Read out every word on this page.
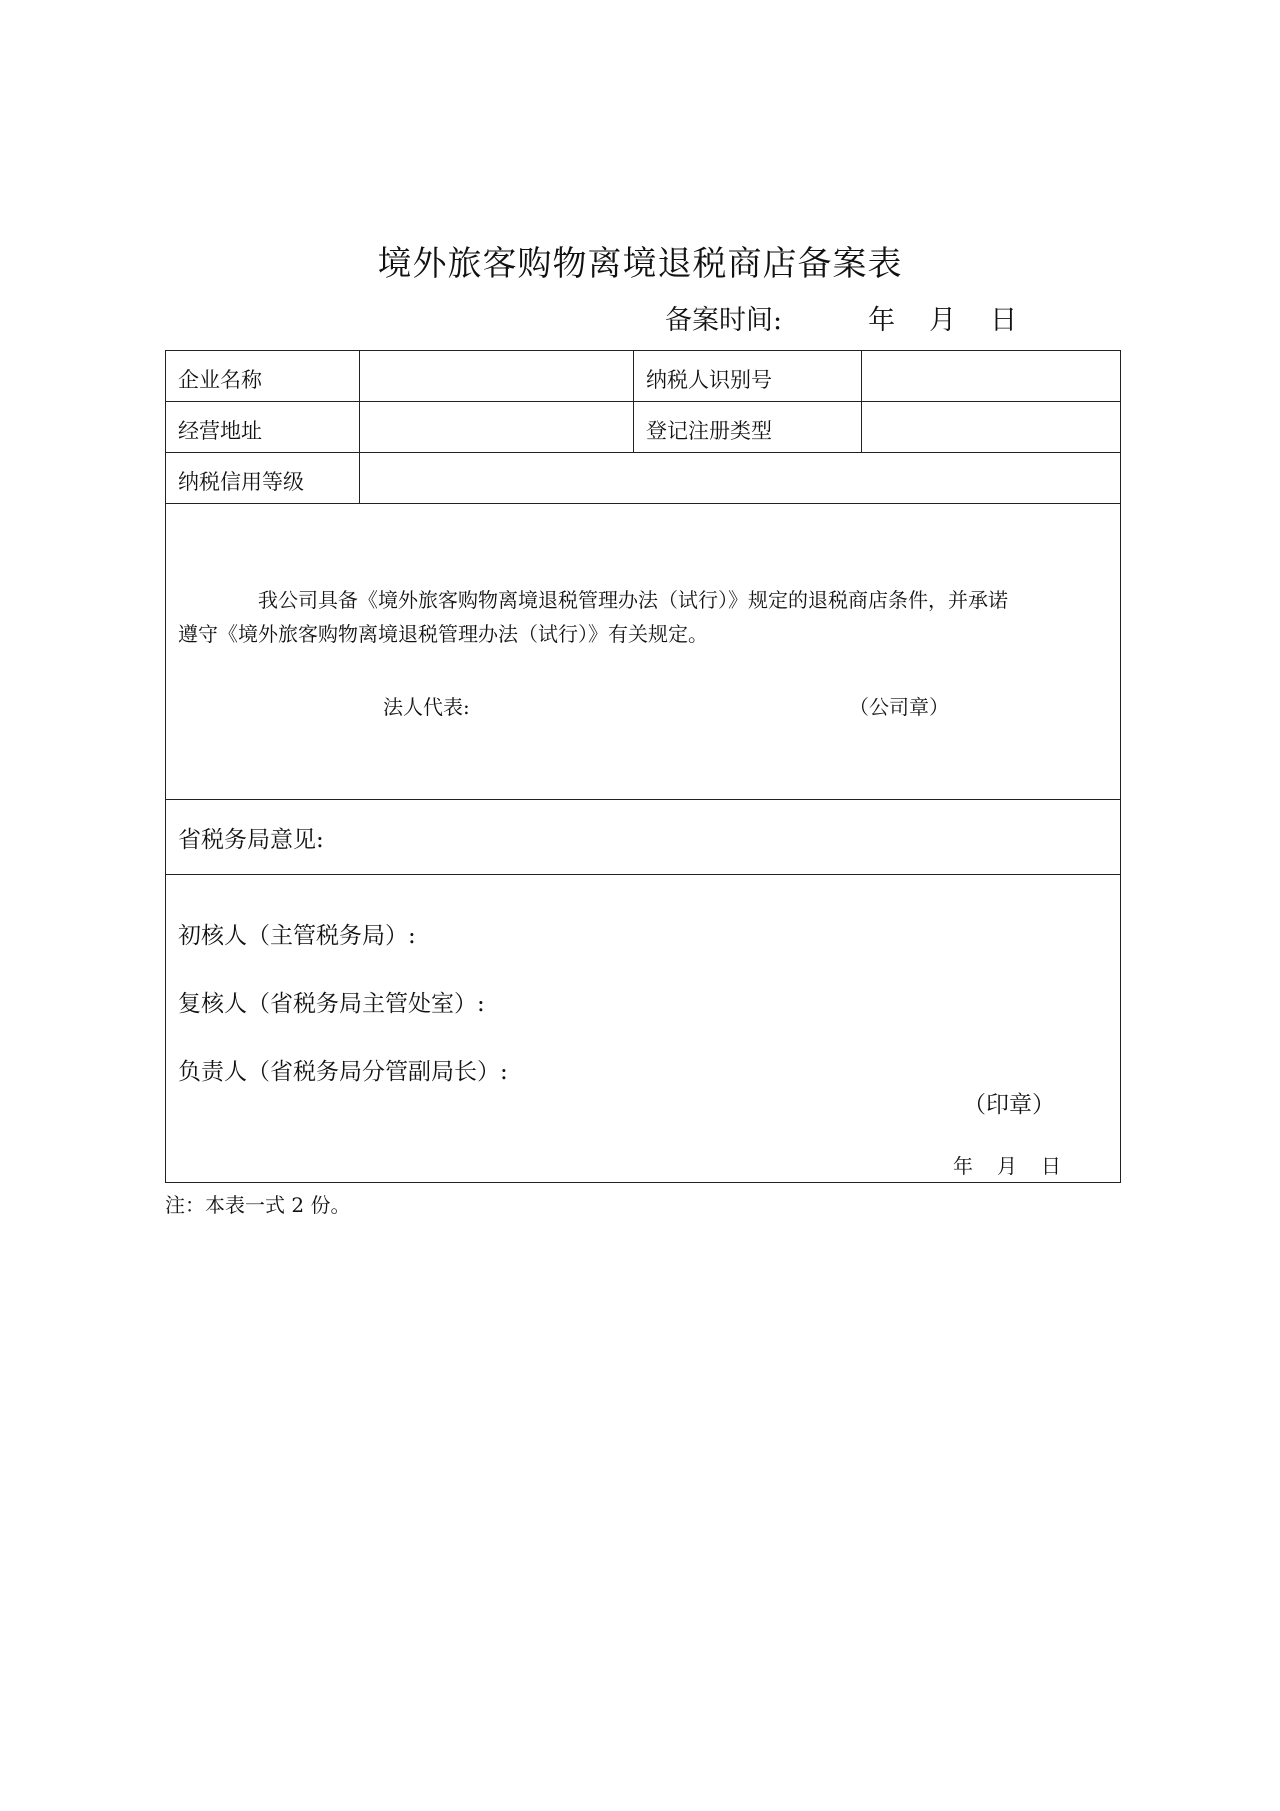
境外旅客购物离境退税商店备案表
备案时间:	年 月 日
企业名称	纳税人识别号
经营地址	登记注册类型
纳税信用等级
我公司具备《境外旅客购物离境退税管理办法（试行）》规定的退税商店条件，并承诺
遵守《境外旅客购物离境退税管理办法（试行）》有关规定。
法人代表:	（公司章）
省税务局意见:
初核人（主管税务局）:
复核人（省税务局主管处室）:
负责人（省税务局分管副局长）:
（印章）
年 月 日
注：本表一式 2 份。
